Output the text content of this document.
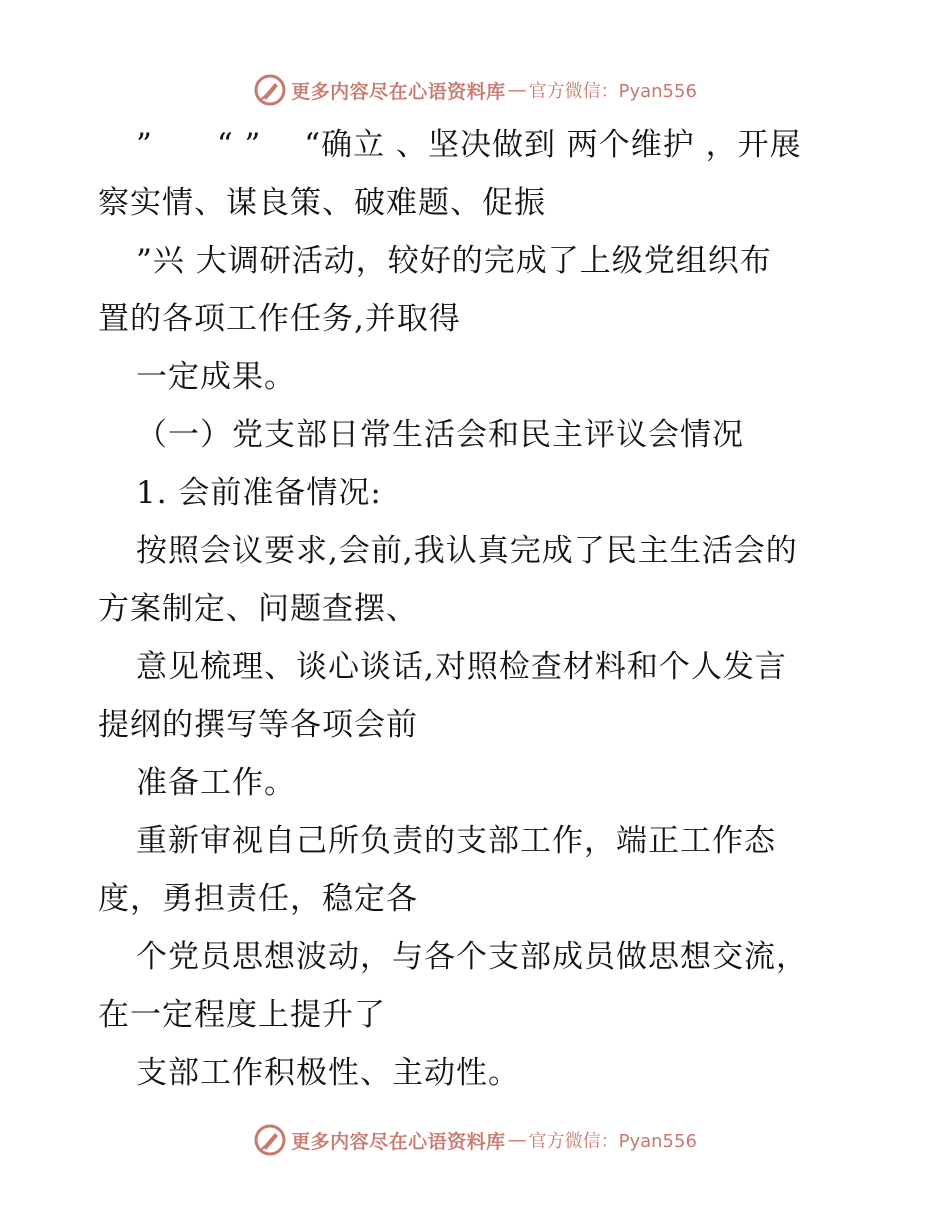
更多内容尽在心语资料库 — 官方微信：Pyan556
”　　“ ”　 “确立 、坚决做到 两个维护 ，开展
察实情、谋良策、破难题、促振
”兴 大调研活动，较好的完成了上级党组织布
置的各项工作任务,并取得
一定成果。
（一）党支部日常生活会和民主评议会情况
1. 会前准备情况:
按照会议要求,会前,我认真完成了民主生活会的
方案制定、问题查摆、
意见梳理、谈心谈话,对照检查材料和个人发言
提纲的撰写等各项会前
准备工作。
重新审视自己所负责的支部工作，端正工作态
度，勇担责任，稳定各
个党员思想波动，与各个支部成员做思想交流，
在一定程度上提升了
支部工作积极性、主动性。
更多内容尽在心语资料库 — 官方微信：Pyan556
